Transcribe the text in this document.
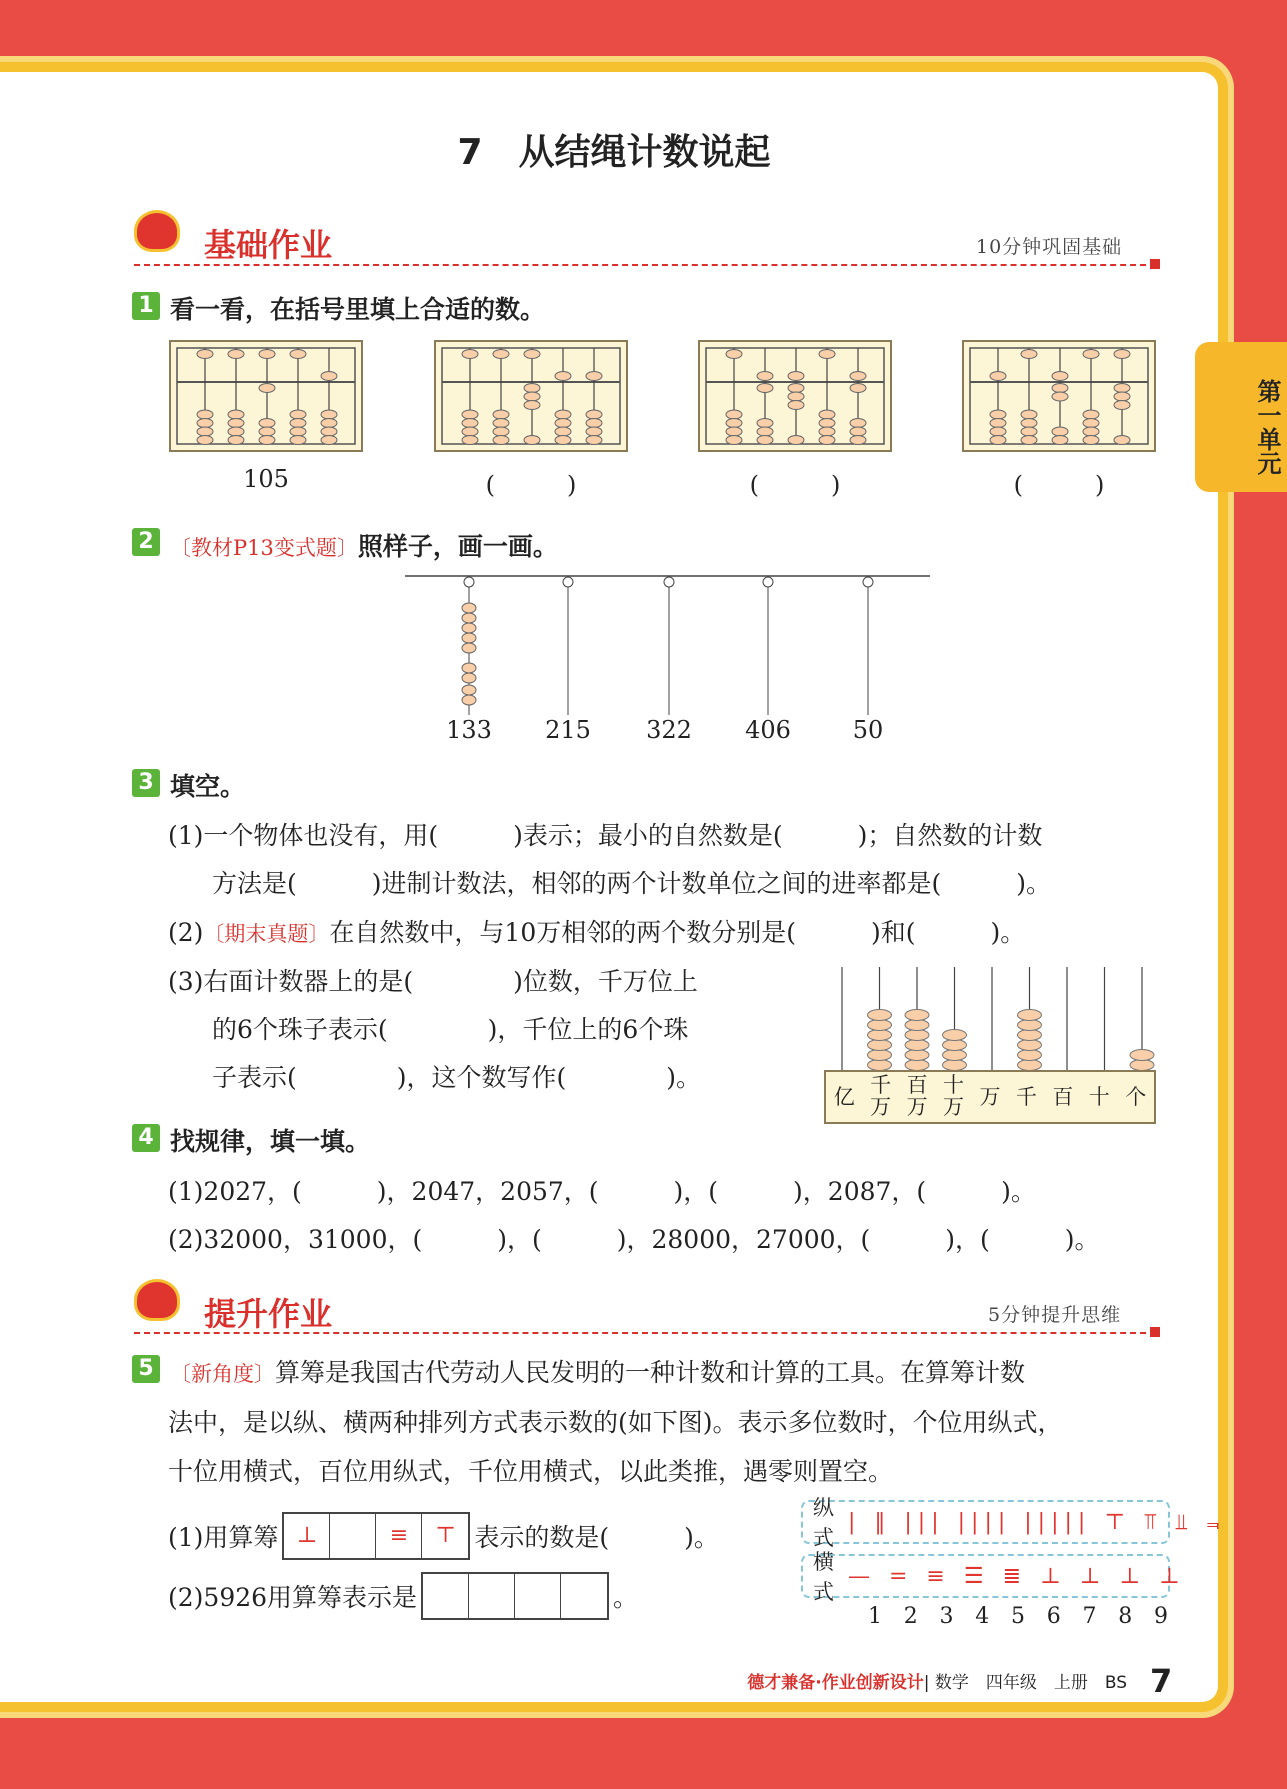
7　从结绳计数说起
第一单元
基础作业	10分钟巩固基础
1 看一看，在括号里填上合适的数。
105	(　　　)	(　　　)	(　　　)
2 〔教材P13变式题〕照样子，画一画。
3 填空。
(1)一个物体也没有，用(　　　)表示；最小的自然数是(　　　)；自然数的计数
方法是(　　　)进制计数法，相邻的两个计数单位之间的进率都是(　　　)。
(2)〔期末真题〕在自然数中，与10万相邻的两个数分别是(　　　)和(　　　)。
(3)右面计数器上的是(　　　　)位数，千万位上
的6个珠子表示(　　　　)，千位上的6个珠
子表示(　　　　)，这个数写作(　　　　)。
亿 千
万
百
万
十
万 万 千 百 十 个
4 找规律，填一填。
(1)2027，(　　　)，2047，2057，(　　　)，(　　　)，2087，(　　　)。
(2)32000，31000，(　　　)，(　　　)，28000，27000，(　　　)，(　　　)。
提升作业	5分钟提升思维
5 〔新角度〕算筹是我国古代劳动人民发明的一种计数和计算的工具。在算筹计数
法中，是以纵、横两种排列方式表示数的(如下图)。表示多位数时，个位用纵式，
十位用横式，百位用纵式，千位用横式，以此类推，遇零则置空。
(1)用算筹 ⊥	≡	⊤ 表示的数是(　　　)。
(2)5926用算筹表示是	。
纵式
| ‖ ||| |||| ||||| ⊤ ⫪ ⫫ ⫬
横式
— = ≡ ☰ ≣ ⊥ ⊥ ⊥ ⊥
1 2 3 4 5 6 7 8 9
德才兼备·作业创新设计| 数学　四年级　上册　BS 7
133 215 322 406	50
